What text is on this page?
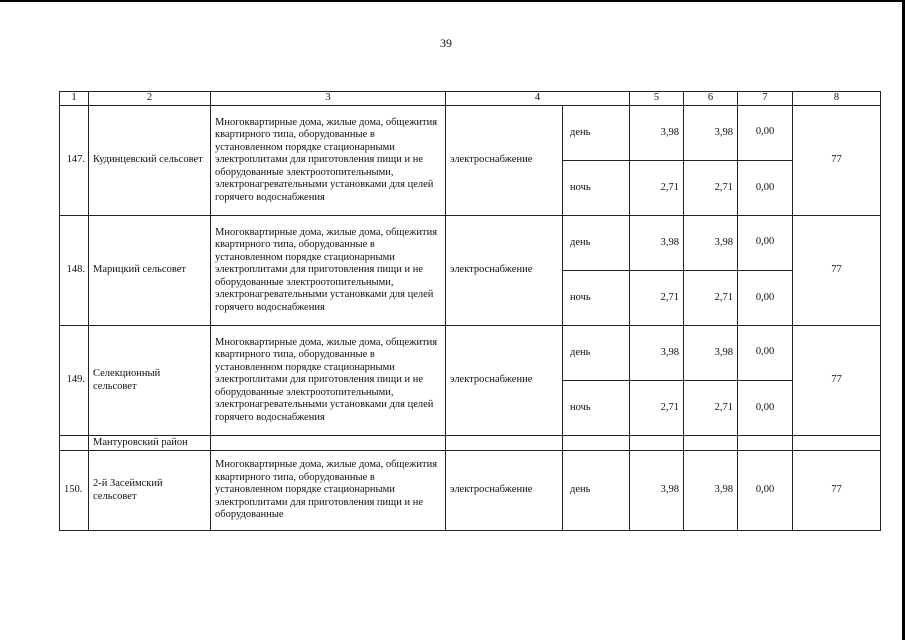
39
1	2	3	4		5	6	7	8
147.	Кудинцевский сельсовет	Многоквартирные дома, жилые дома, общежития квартирного типа, оборудованные в установленном порядке стационарными электроплитами для приготовления пищи и не оборудованные электроотопительными, электронагревательными установками для целей горячего водоснабжения	электроснабжение	день	3,98	3,98	0,00	77
				ночь	2,71	2,71	0,00	
148.	Марицкий сельсовет	Многоквартирные дома, жилые дома, общежития квартирного типа, оборудованные в установленном порядке стационарными электроплитами для приготовления пищи и не оборудованные электроотопительными, электронагревательными установками для целей горячего водоснабжения	электроснабжение	день	3,98	3,98	0,00	77
				ночь	2,71	2,71	0,00	
149.	Селекционный сельсовет	Многоквартирные дома, жилые дома, общежития квартирного типа, оборудованные в установленном порядке стационарными электроплитами для приготовления пищи и не оборудованные электроотопительными, электронагревательными установками для целей горячего водоснабжения	электроснабжение	день	3,98	3,98	0,00	77
				ночь	2,71	2,71	0,00	
	Мантуровский район							
150.	2-й Засеймский сельсовет	Многоквартирные дома, жилые дома, общежития квартирного типа, оборудованные в установленном порядке стационарными электроплитами для приготовления пищи и не оборудованные	электроснабжение	день	3,98	3,98	0,00	77
